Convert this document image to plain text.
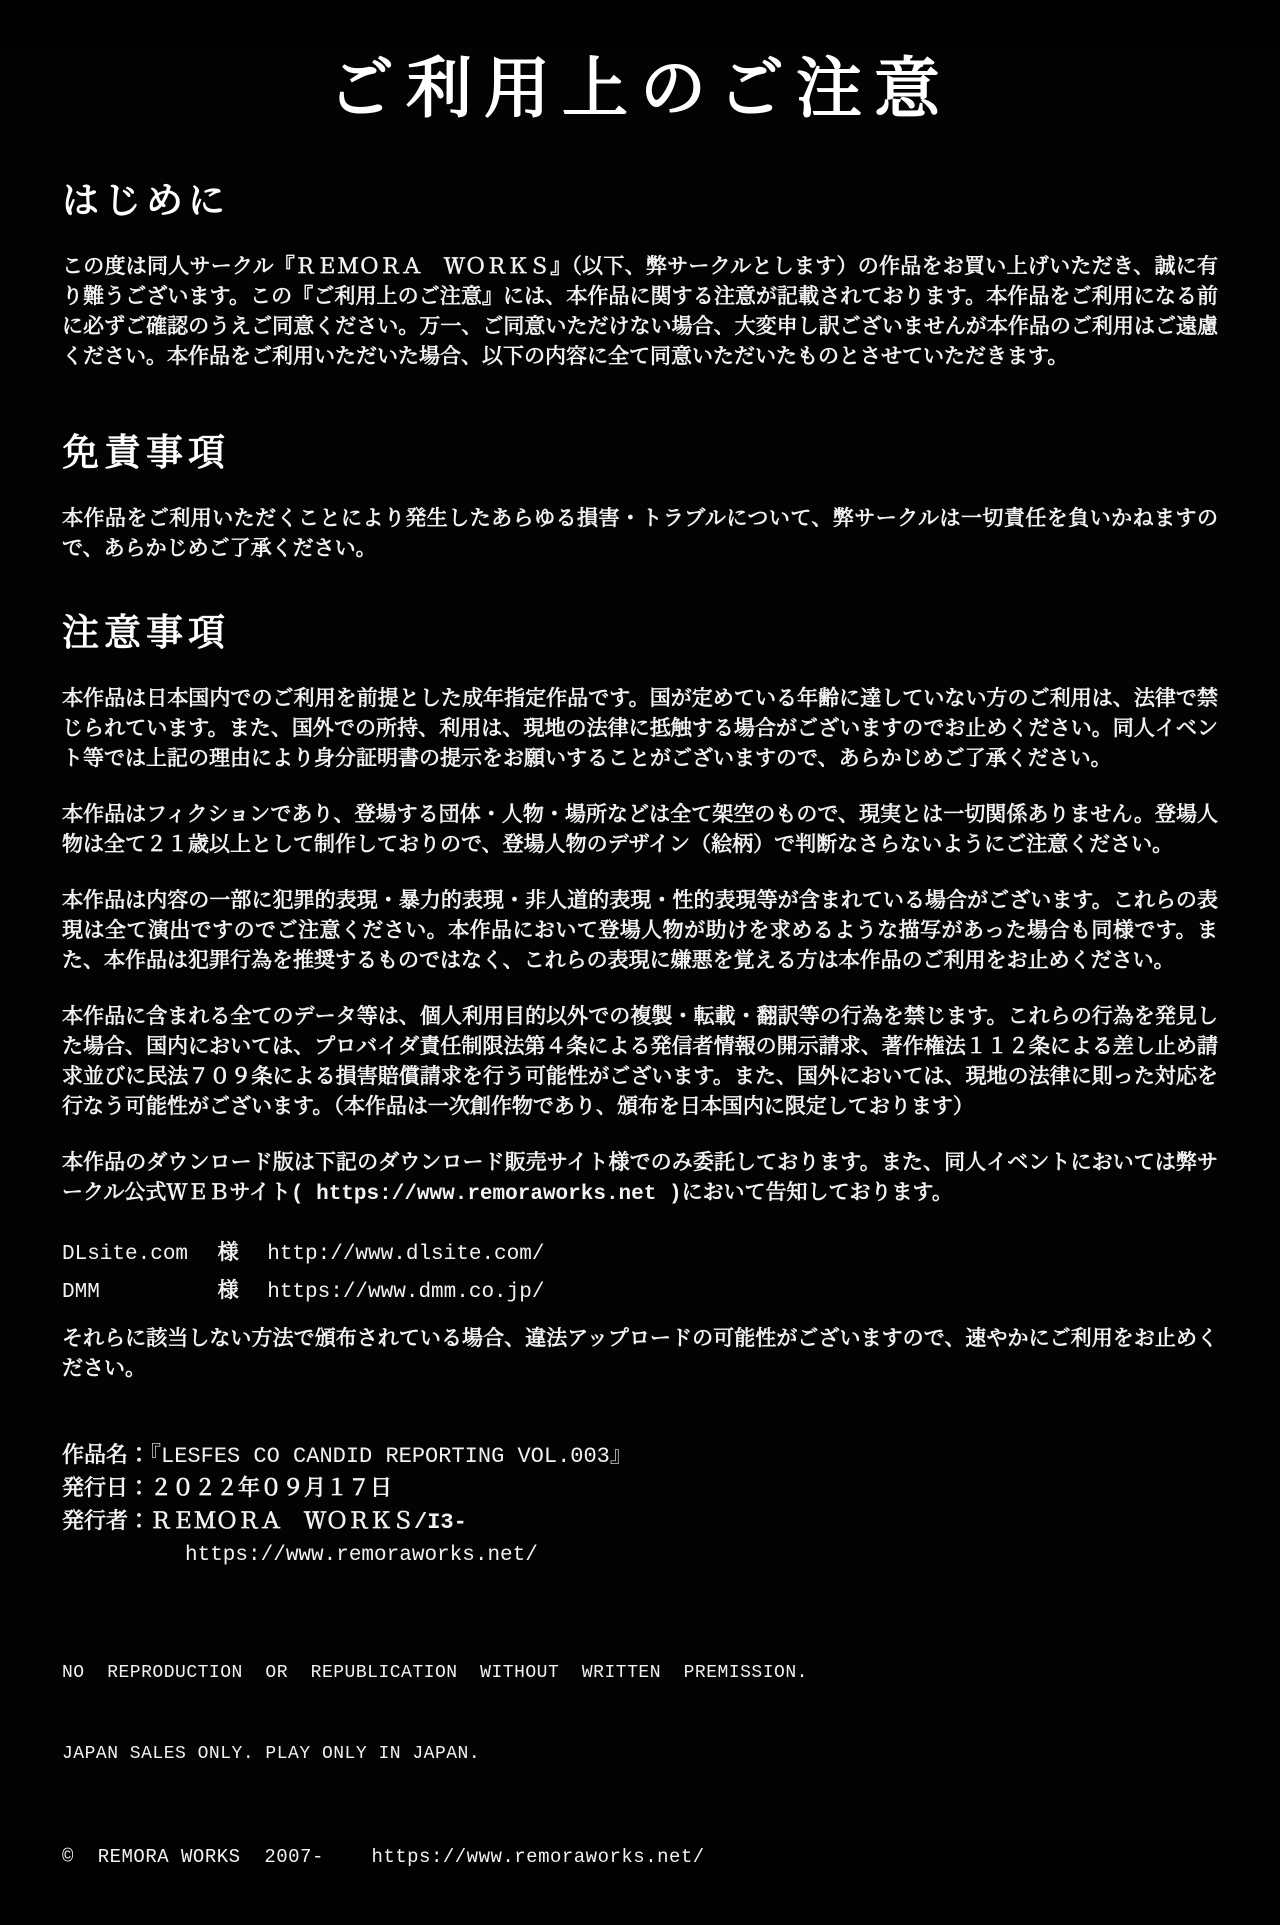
ご利用上のご注意
はじめに

この度は同人サークル『ＲＥＭＯＲＡ　ＷＯＲＫＳ』（以下、弊サークルとします）の作品をお買い上げいただき、誠に有り難うございます。この『ご利用上のご注意』には、本作品に関する注意が記載されております。本作品をご利用になる前に必ずご確認のうえご同意ください。万一、ご同意いただけない場合、大変申し訳ございませんが本作品のご利用はご遠慮ください。本作品をご利用いただいた場合、以下の内容に全て同意いただいたものとさせていただきます。

免責事項

本作品をご利用いただくことにより発生したあらゆる損害・トラブルについて、弊サークルは一切責任を負いかねますので、あらかじめご了承ください。

注意事項

本作品は日本国内でのご利用を前提とした成年指定作品です。国が定めている年齢に達していない方のご利用は、法律で禁じられています。また、国外での所持、利用は、現地の法律に抵触する場合がございますのでお止めください。同人イベント等では上記の理由により身分証明書の提示をお願いすることがございますので、あらかじめご了承ください。

本作品はフィクションであり、登場する団体・人物・場所などは全て架空のもので、現実とは一切関係ありません。登場人物は全て２１歳以上として制作しておりので、登場人物のデザイン（絵柄）で判断なさらないようにご注意ください。

本作品は内容の一部に犯罪的表現・暴力的表現・非人道的表現・性的表現等が含まれている場合がございます。これらの表現は全て演出ですのでご注意ください。本作品において登場人物が助けを求めるような描写があった場合も同様です。また、本作品は犯罪行為を推奨するものではなく、これらの表現に嫌悪を覚える方は本作品のご利用をお止めください。

本作品に含まれる全てのデータ等は、個人利用目的以外での複製・転載・翻訳等の行為を禁じます。これらの行為を発見した場合、国内においては、プロバイダ責任制限法第４条による発信者情報の開示請求、著作権法１１２条による差し止め請求並びに民法７０９条による損害賠償請求を行う可能性がございます。また、国外においては、現地の法律に則った対応を行なう可能性がございます。（本作品は一次創作物であり、頒布を日本国内に限定しております）

本作品のダウンロード版は下記のダウンロード販売サイト様でのみ委託しております。また、同人イベントにおいては弊サークル公式ＷＥＢサイト( https://www.remoraworks.net )において告知しております。

DLsite.com 様 http://www.dlsite.com/
DMM	様 https://www.dmm.co.jp/

それらに該当しない方法で頒布されている場合、違法アップロードの可能性がございますので、速やかにご利用をお止めください。

作品名：『LESFES CO CANDID REPORTING VOL.003』
発行日：２０２２年０９月１７日
発行者：ＲＥＭＯＲＡ　ＷＯＲＫＳ/I3-
https://www.remoraworks.net/

NO  REPRODUCTION  OR  REPUBLICATION  WITHOUT  WRITTEN  PREMISSION.

JAPAN SALES ONLY. PLAY ONLY IN JAPAN.

©  REMORA WORKS  2007-    https://www.remoraworks.net/
